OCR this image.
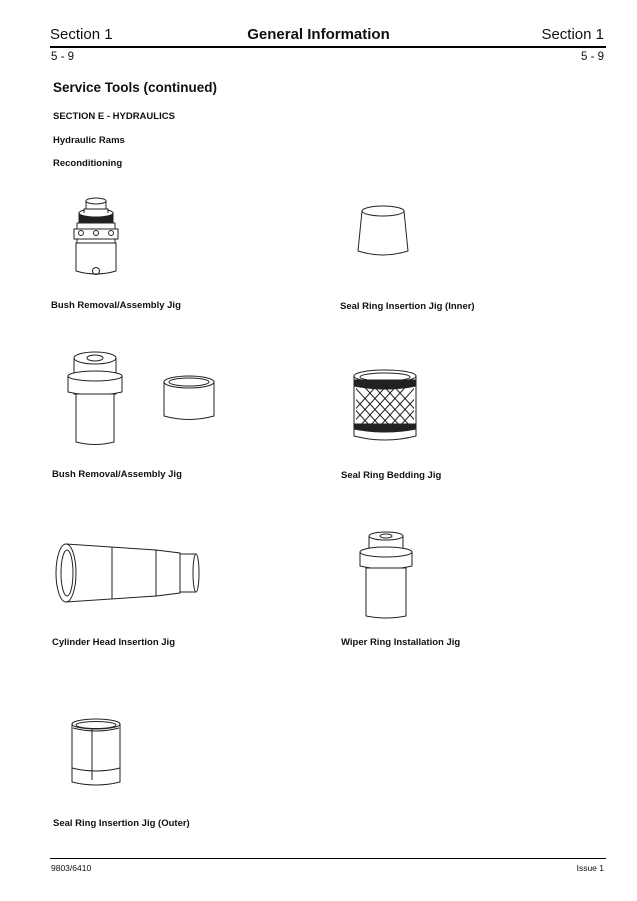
Section 1	General Information	Section 1
5 - 9	5 - 9
Service Tools (continued)
SECTION E - HYDRAULICS
Hydraulic Rams
Reconditioning
Bush Removal/Assembly Jig	Seal Ring Insertion Jig (Inner)
Bush Removal/Assembly Jig	Seal Ring Bedding Jig
Cylinder Head Insertion Jig	Wiper Ring Installation Jig
Seal Ring Insertion Jig (Outer)
9803/6410	Issue 1
